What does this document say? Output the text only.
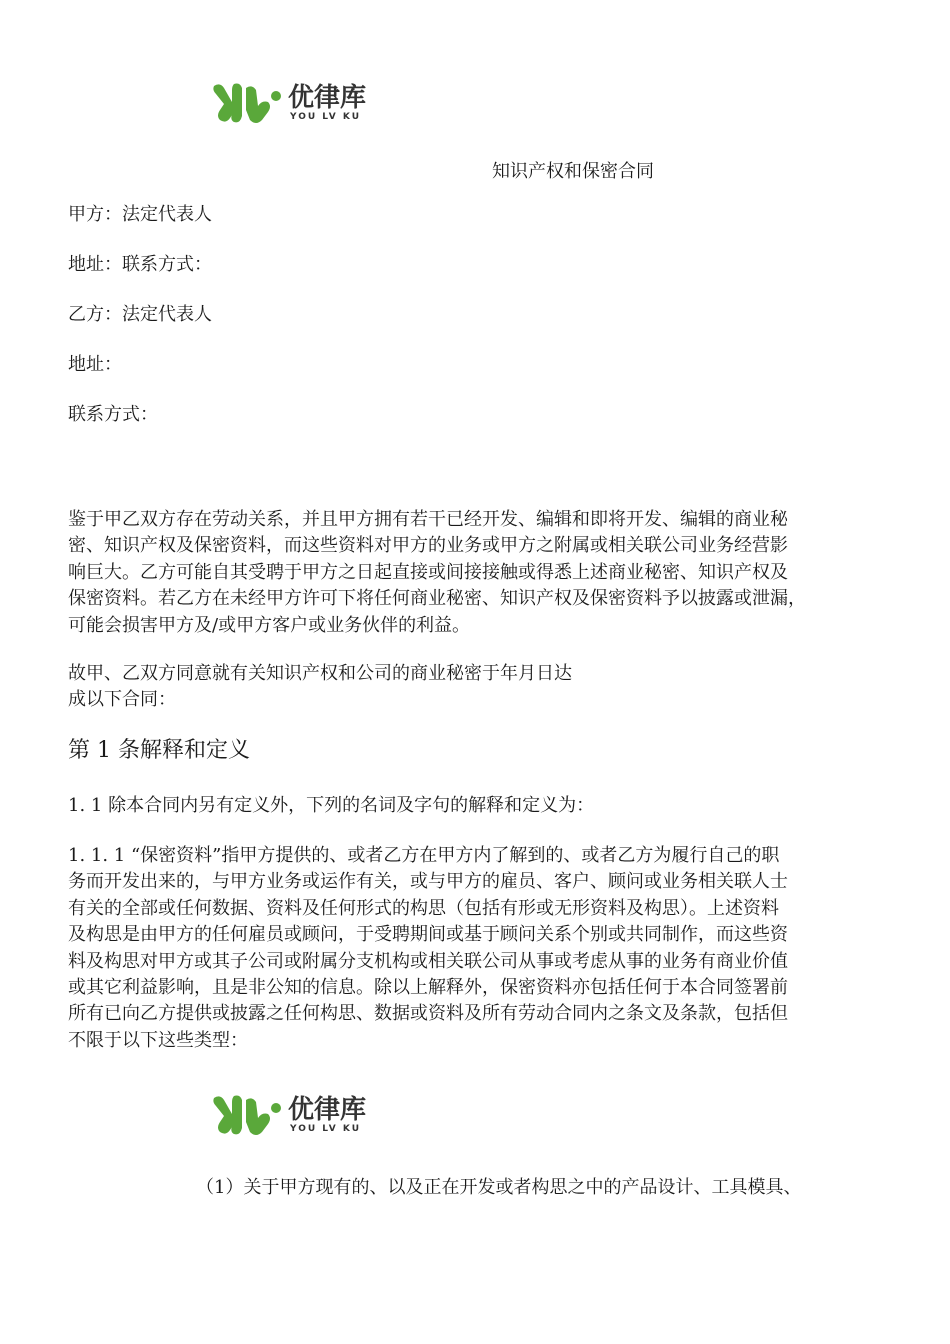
优律库
YOU LV KU
知识产权和保密合同
甲方：法定代表人
地址：联系方式：
乙方：法定代表人
地址：
联系方式：
鉴于甲乙双方存在劳动关系，并且甲方拥有若干已经开发、编辑和即将开发、编辑的商业秘
密、知识产权及保密资料，而这些资料对甲方的业务或甲方之附属或相关联公司业务经营影
响巨大。乙方可能自其受聘于甲方之日起直接或间接接触或得悉上述商业秘密、知识产权及
保密资料。若乙方在未经甲方许可下将任何商业秘密、知识产权及保密资料予以披露或泄漏，
可能会损害甲方及/或甲方客户或业务伙伴的利益。
故甲、乙双方同意就有关知识产权和公司的商业秘密于年月日达
成以下合同：
第 1 条解释和定义
1. 1 除本合同内另有定义外，下列的名词及字句的解释和定义为：
1. 1. 1 “保密资料”指甲方提供的、或者乙方在甲方内了解到的、或者乙方为履行自己的职
务而开发出来的，与甲方业务或运作有关，或与甲方的雇员、客户、顾问或业务相关联人士
有关的全部或任何数据、资料及任何形式的构思（包括有形或无形资料及构思）。上述资料
及构思是由甲方的任何雇员或顾问，于受聘期间或基于顾问关系个别或共同制作，而这些资
料及构思对甲方或其子公司或附属分支机构或相关联公司从事或考虑从事的业务有商业价值
或其它利益影响，且是非公知的信息。除以上解释外，保密资料亦包括任何于本合同签署前
所有已向乙方提供或披露之任何构思、数据或资料及所有劳动合同内之条文及条款，包括但
不限于以下这些类型：
优律库
YOU LV KU
（1）关于甲方现有的、以及正在开发或者构思之中的产品设计、工具模具、
